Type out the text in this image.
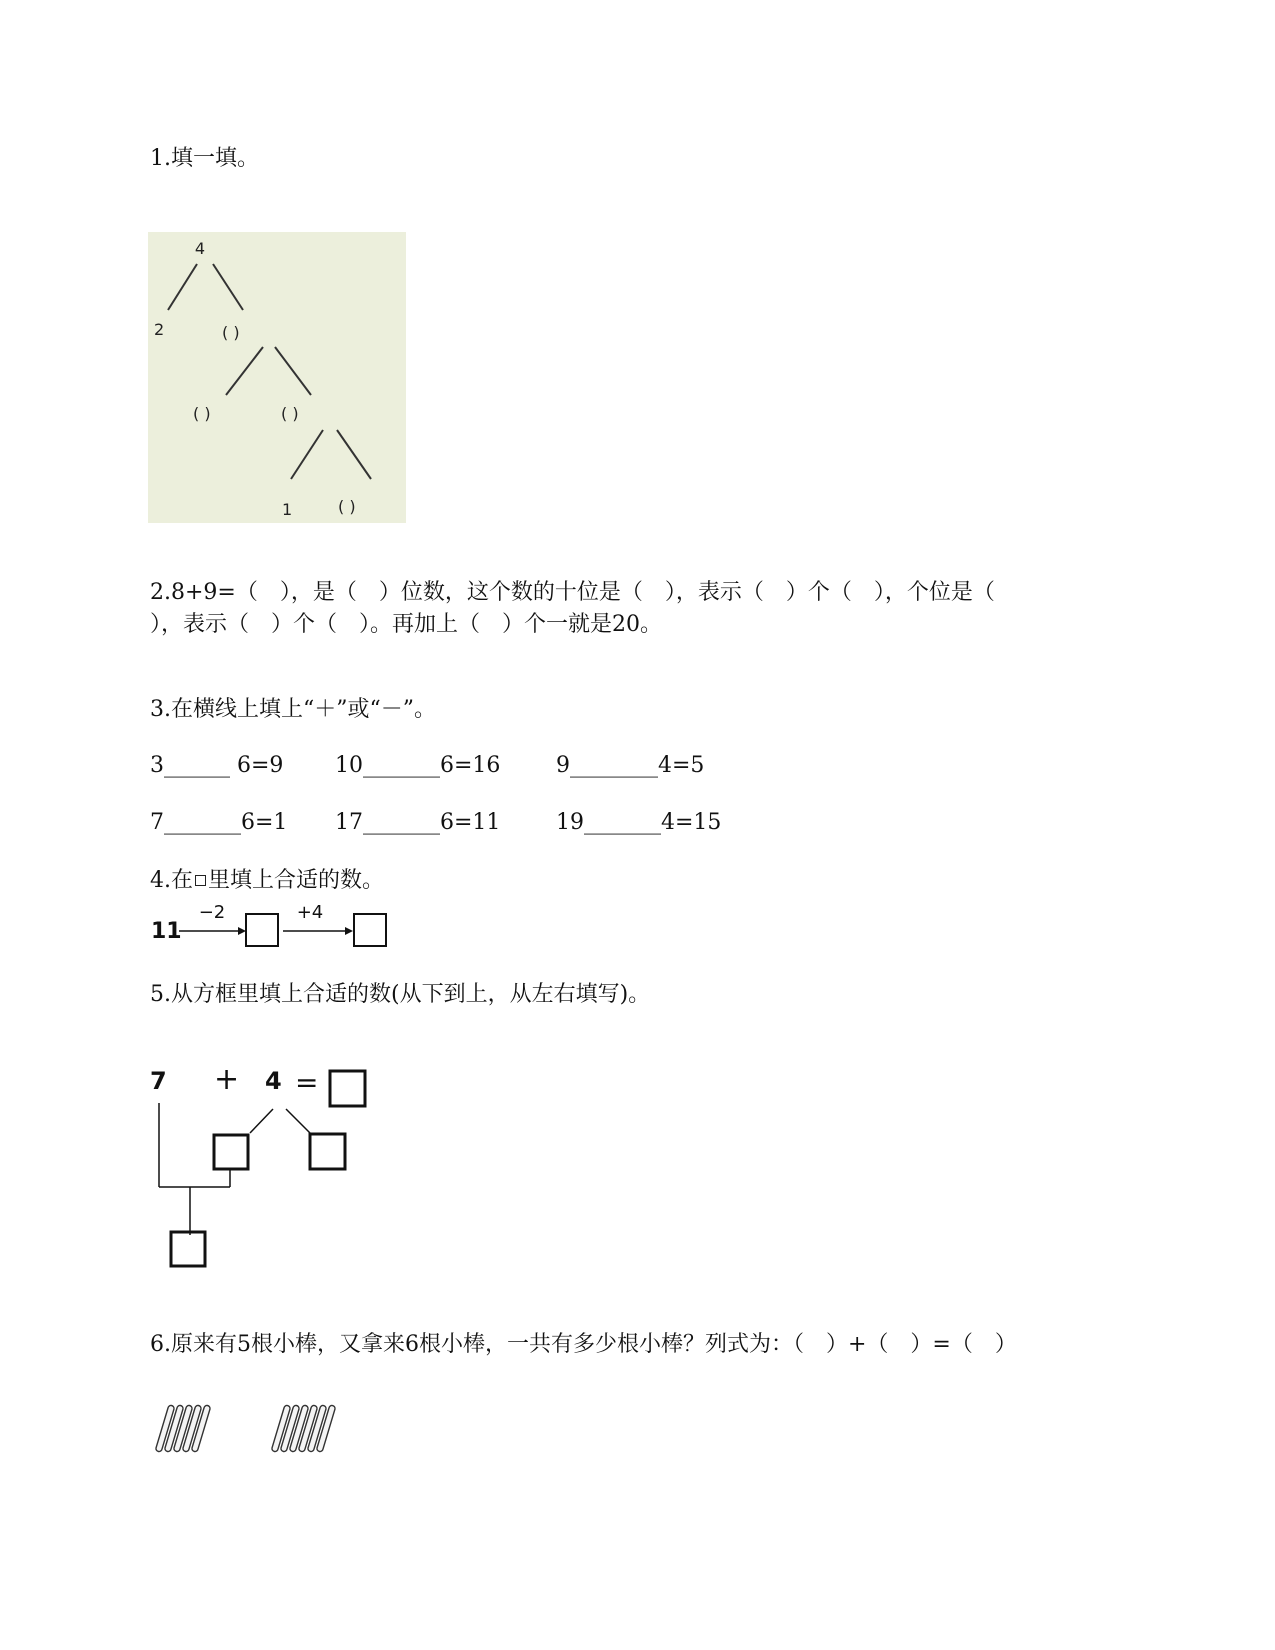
1.填一填。
4
2	( )
( )	( )
1	( )
2.8+9=（　），是（　）位数，这个数的十位是（　），表示（　）个（　），个位是（
），表示（　）个（　）。再加上（　）个一就是20。
3.在横线上填上“＋”或“－”。
3______ 6=9 10_______6=16	9________4=5
7_______6=1 17_______6=11	19_______4=15
4.在 里填上合适的数。
11
−2	+4
5.从方框里填上合适的数(从下到上，从左右填写)。
7 + 4 =
6.原来有5根小棒，又拿来6根小棒，一共有多少根小棒？列式为：（　）+（　）=（　）
